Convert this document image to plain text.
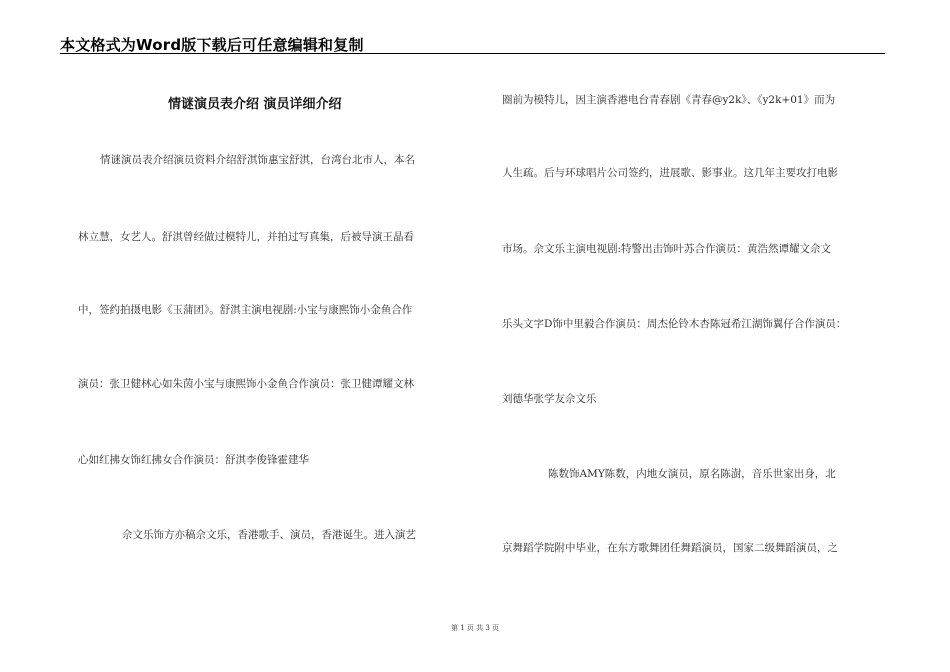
本文格式为Word版下载后可任意编辑和复制
情谜演员表介绍 演员详细介绍
情谜演员表介绍演员资料介绍舒淇饰惠宝舒淇，台湾台北市人，本名
林立慧，女艺人。舒淇曾经做过模特儿，并拍过写真集，后被导演王晶看
中，签约拍摄电影《玉蒲团》。舒淇主演电视剧:小宝与康熙饰小金鱼合作
演员：张卫健林心如朱茵小宝与康熙饰小金鱼合作演员：张卫健谭耀文林
心如红拂女饰红拂女合作演员：舒淇李俊锋霍建华
佘文乐饰方亦稿佘文乐，香港歌手、演员，香港诞生。进入演艺
圈前为模特儿，因主演香港电台青春剧《青春@y2k》、《y2k+01》而为
人生疏。后与环球唱片公司签约，进展歌、影事业。这几年主要攻打电影
市场。佘文乐主演电视剧:特警出击饰叶苏合作演员：黄浩然谭耀文佘文
乐头文字D饰中里毅合作演员：周杰伦铃木杏陈冠希江湖饰翼仔合作演员：
刘德华张学友佘文乐
陈数饰AMY陈数，内地女演员，原名陈澍，音乐世家出身，北
京舞蹈学院附中毕业，在东方歌舞团任舞蹈演员，国家二级舞蹈演员，之
第 1 页 共 3 页
